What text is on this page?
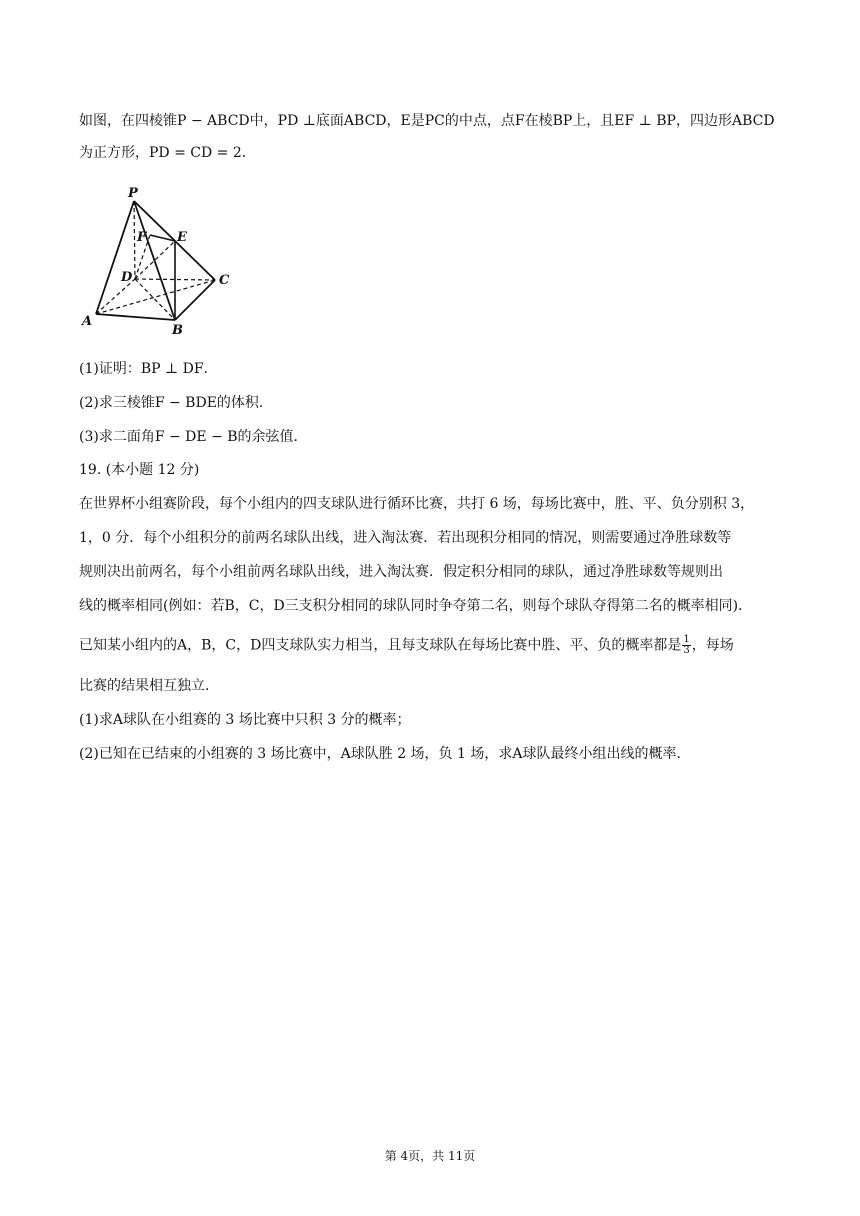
如图，在四棱锥P − ABCD中，PD ⊥底面ABCD，E是PC的中点，点F在棱BP上，且EF ⊥ BP，四边形ABCD
为正方形，PD = CD = 2．
P
F E
D	C
A
B
(1)证明：BP ⊥ DF．
(2)求三棱锥F − BDE的体积．
(3)求二面角F − DE − B的余弦值．
19. (本小题 12 分)
在世界杯小组赛阶段，每个小组内的四支球队进行循环比赛，共打 6 场，每场比赛中，胜、平、负分别积 3，
1，0 分．每个小组积分的前两名球队出线，进入淘汰赛．若出现积分相同的情况，则需要通过净胜球数等
规则决出前两名，每个小组前两名球队出线，进入淘汰赛．假定积分相同的球队，通过净胜球数等规则出
线的概率相同(例如：若B，C，D三支积分相同的球队同时争夺第二名，则每个球队夺得第二名的概率相同)．
已知某小组内的A，B，C，D四支球队实力相当，且每支球队在每场比赛中胜、平、负的概率都是 $\frac{1}{3}$ ，每场
比赛的结果相互独立．
(1)求A球队在小组赛的 3 场比赛中只积 3 分的概率；
(2)已知在已结束的小组赛的 3 场比赛中，A球队胜 2 场，负 1 场，求A球队最终小组出线的概率．
第 4页，共 11页
